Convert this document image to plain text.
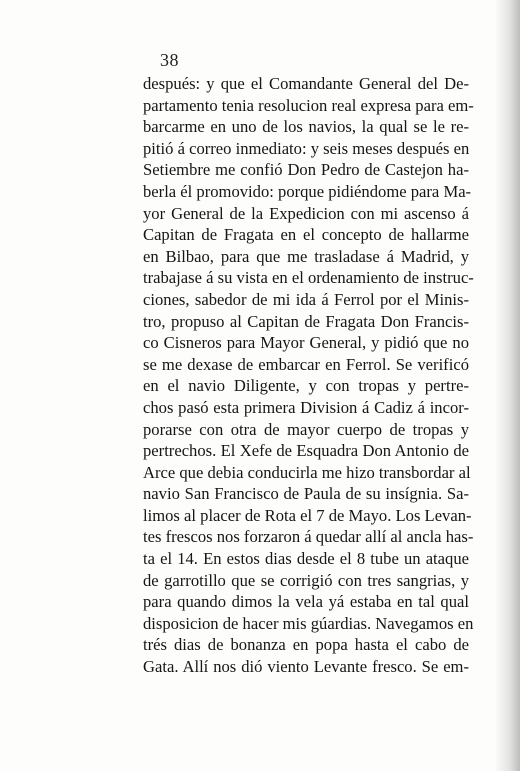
38
después: y que el Comandante General del De-
partamento tenia resolucion real expresa para em-
barcarme en uno de los navios, la qual se le re-
pitió á correo inmediato: y seis meses después en
Setiembre me confió Don Pedro de Castejon ha-
berla él promovido: porque pidiéndome para Ma-
yor General de la Expedicion con mi ascenso á
Capitan de Fragata en el concepto de hallarme
en Bilbao, para que me trasladase á Madrid, y
trabajase á su vista en el ordenamiento de instruc-
ciones, sabedor de mi ida á Ferrol por el Minis-
tro, propuso al Capitan de Fragata Don Francis-
co Cisneros para Mayor General, y pidió que no
se me dexase de embarcar en Ferrol. Se verificó
en el navio Diligente, y con tropas y pertre-
chos pasó esta primera Division á Cadiz á incor-
porarse con otra de mayor cuerpo de tropas y
pertrechos. El Xefe de Esquadra Don Antonio de
Arce que debia conducirla me hizo transbordar al
navio San Francisco de Paula de su insígnia. Sa-
limos al placer de Rota el 7 de Mayo. Los Levan-
tes frescos nos forzaron á quedar allí al ancla has-
ta el 14. En estos dias desde el 8 tube un ataque
de garrotillo que se corrigió con tres sangrias, y
para quando dimos la vela yá estaba en tal qual
disposicion de hacer mis gúardias. Navegamos en
trés dias de bonanza en popa hasta el cabo de
Gata. Allí nos dió viento Levante fresco. Se em-
